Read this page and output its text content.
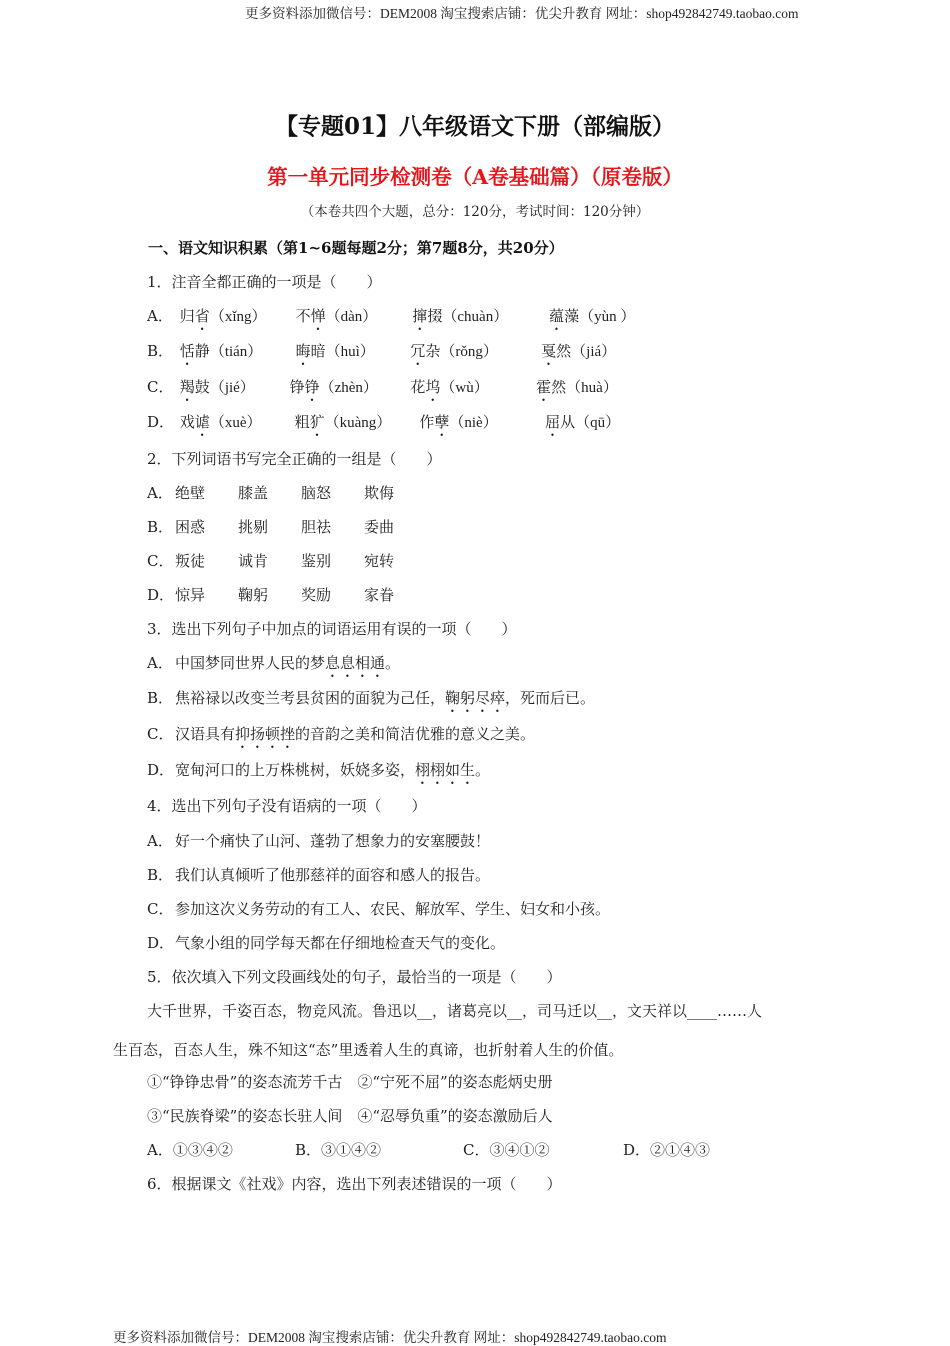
更多资料添加微信号：DEM2008 淘宝搜索店铺：优尖升教育 网址：shop492842749.taobao.com
【专题01】八年级语文下册（部编版）
第一单元同步检测卷（A卷基础篇）（原卷版）
（本卷共四个大题，总分：120分，考试时间：120分钟）
一、语文知识积累（第1~6题每题2分；第7题8分，共20分）
1．注音全都正确的一项是（　　）
A． 归省（xǐng） 不惮（dàn） 撺掇（chuàn）	蕴藻（yùn ）
B． 恬静（tián） 晦暗（huì） 冗杂（rǒng）	戛然（jiá）
C． 羯鼓（jié） 铮铮（zhèn） 花坞（wù）	霍然（huà）
D． 戏谑（xuè） 粗犷（kuàng） 作孽（niè）	屈从（qū）
2．下列词语书写完全正确的一组是（　　）
A． 绝壁 膝盖 脑怒 欺侮
B． 困惑 挑剔 胆祛 委曲
C． 叛徒 诚肯 鉴别 宛转
D．惊异 鞠躬 奖励 家眷
3．选出下列句子中加点的词语运用有误的一项（　　）
A． 中国梦同世界人民的梦息息相通。
B． 焦裕禄以改变兰考县贫困的面貌为己任，鞠躬尽瘁，死而后已。
C． 汉语具有抑扬顿挫的音韵之美和简洁优雅的意义之美。
D．宽甸河口的上万株桃树，妖娆多姿，栩栩如生。
4．选出下列句子没有语病的一项（　　）
A． 好一个痛快了山河、蓬勃了想象力的安塞腰鼓！
B． 我们认真倾听了他那慈祥的面容和感人的报告。
C． 参加这次义务劳动的有工人、农民、解放军、学生、妇女和小孩。
D．气象小组的同学每天都在仔细地检查天气的变化。
5．依次填入下列文段画线处的句子，最恰当的一项是（　　）
大千世界，千姿百态，物竞风流。鲁迅以__，诸葛亮以__，司马迁以__，文天祥以____……人
生百态，百态人生，殊不知这“态”里透着人生的真谛，也折射着人生的价值。
①“铮铮忠骨”的姿态流芳千古　②“宁死不屈”的姿态彪炳史册
③“民族脊梁”的姿态长驻人间　④“忍辱负重”的姿态激励后人
A．①③④②	B．③①④②	C．③④①②	D．②①④③
6．根据课文《社戏》内容，选出下列表述错误的一项（　　）
更多资料添加微信号：DEM2008 淘宝搜索店铺：优尖升教育 网址：shop492842749.taobao.com
